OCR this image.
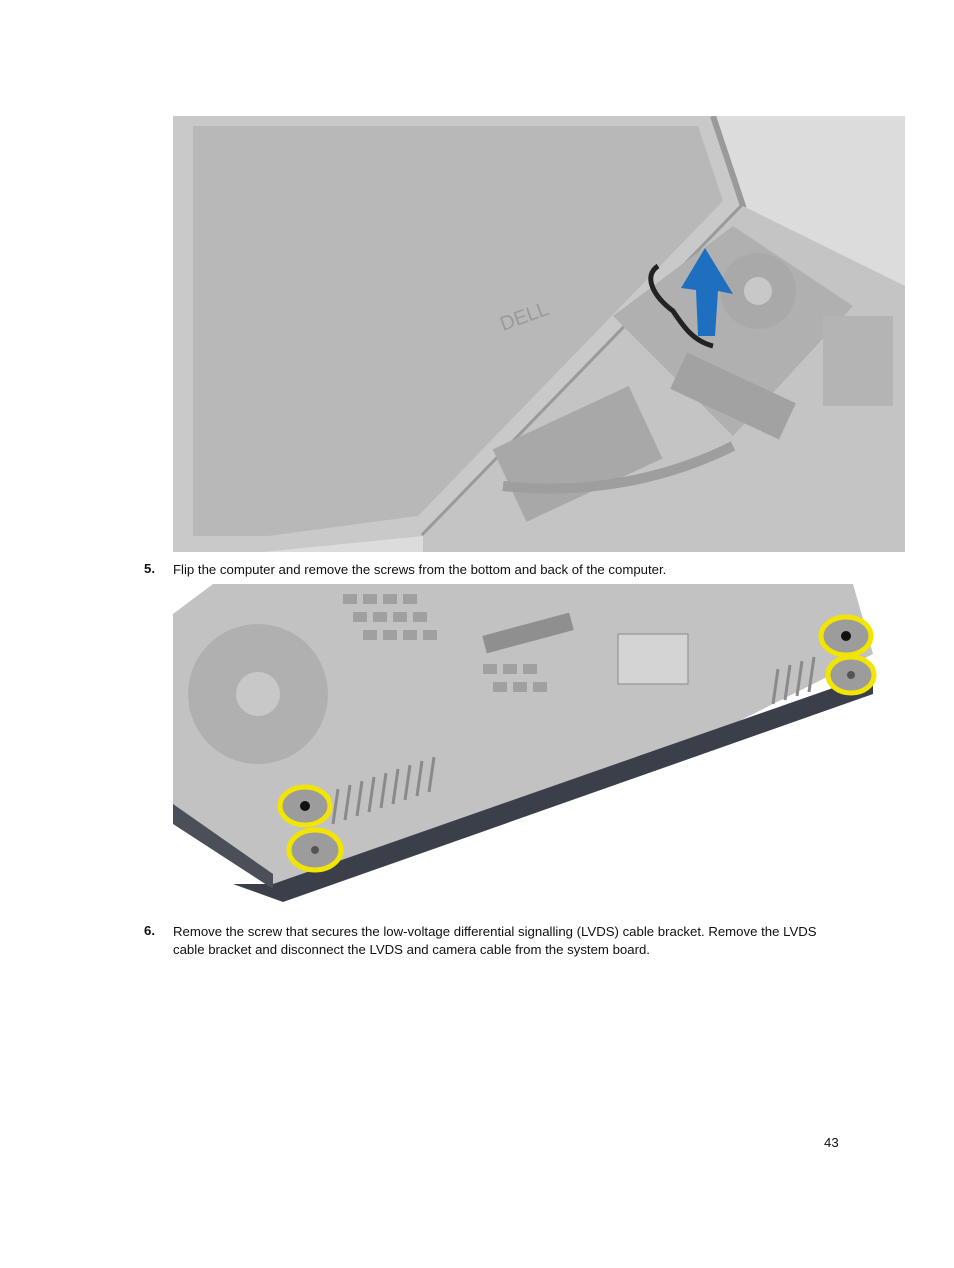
DELL
5. Flip the computer and remove the screws from the bottom and back of the computer.
6. Remove the screw that secures the low-voltage differential signalling (LVDS) cable bracket. Remove the LVDS cable bracket and disconnect the LVDS and camera cable from the system board.
43
